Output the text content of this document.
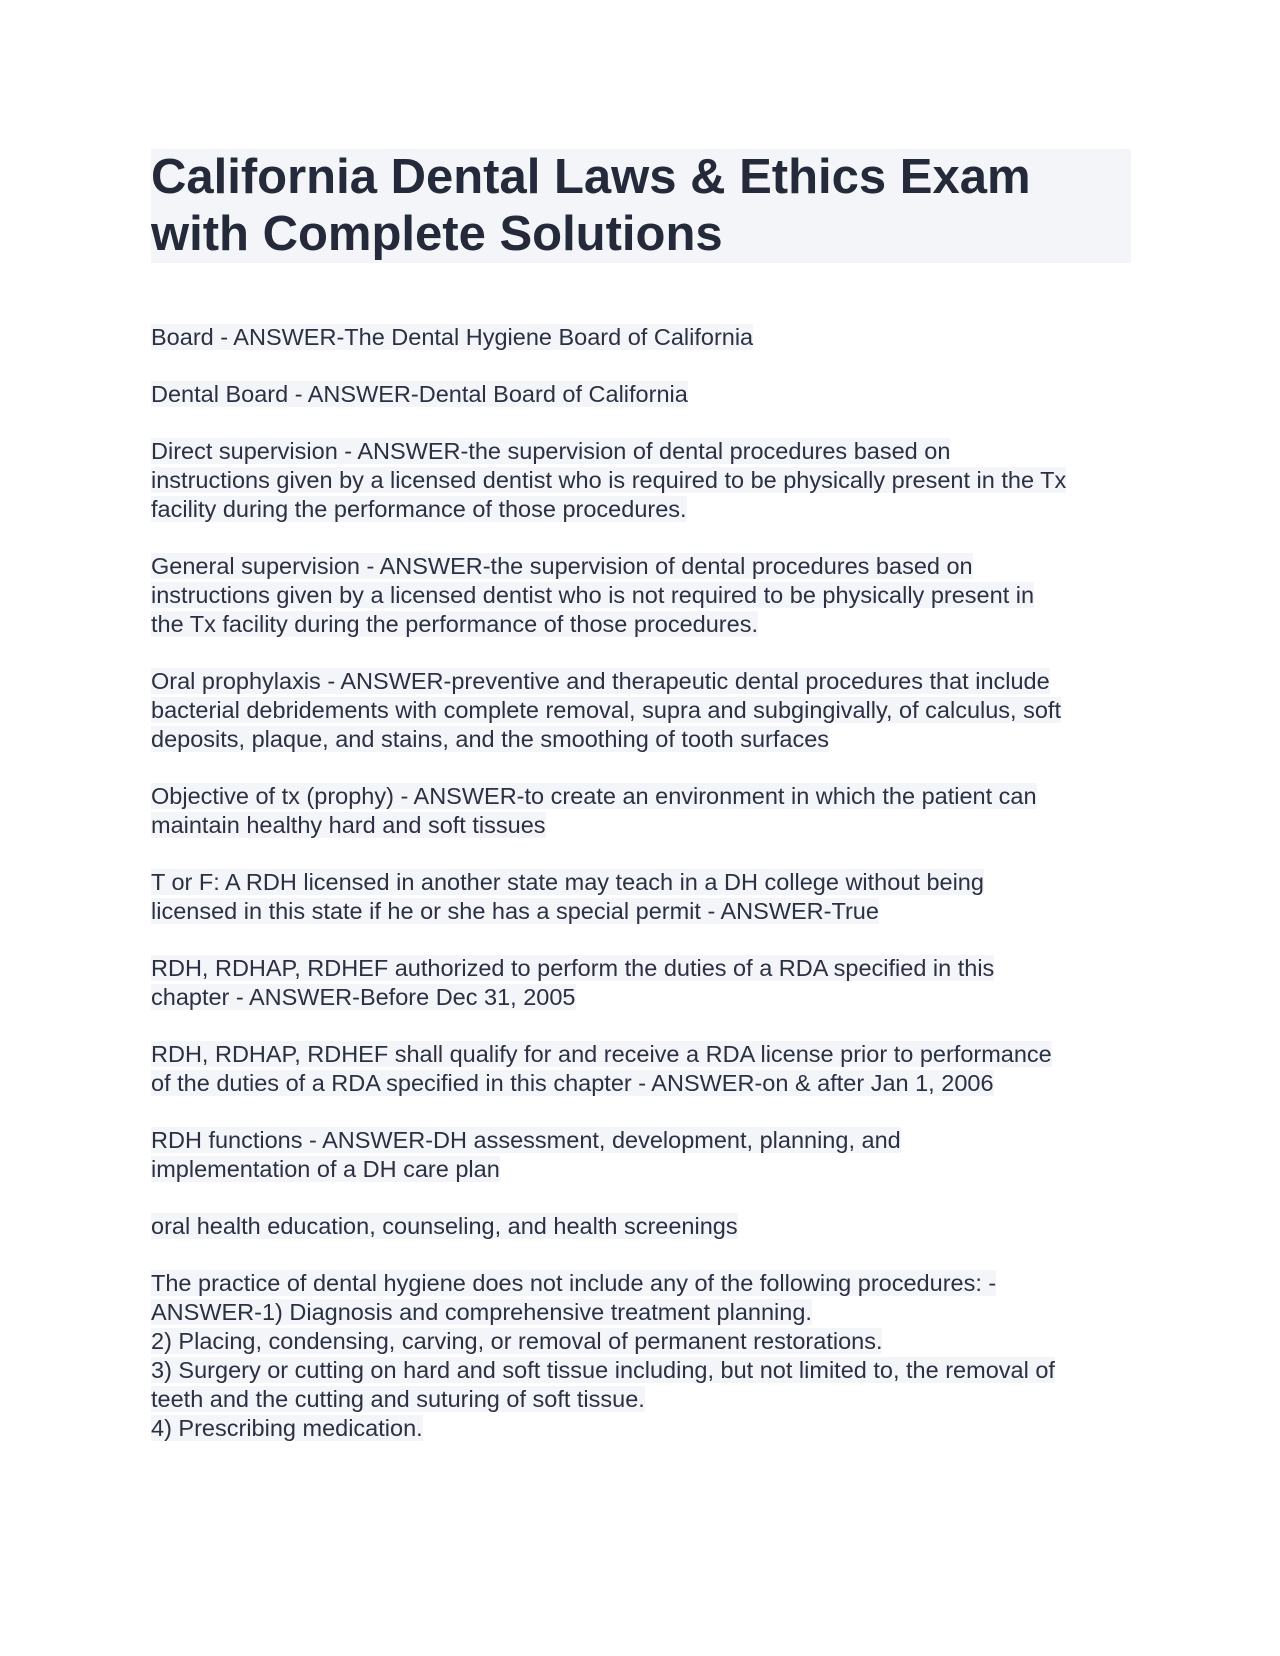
California Dental Laws & Ethics Exam with Complete Solutions
Board - ANSWER-The Dental Hygiene Board of California
Dental Board - ANSWER-Dental Board of California
Direct supervision - ANSWER-the supervision of dental procedures based on
instructions given by a licensed dentist who is required to be physically present in the Tx
facility during the performance of those procedures.
General supervision - ANSWER-the supervision of dental procedures based on
instructions given by a licensed dentist who is not required to be physically present in
the Tx facility during the performance of those procedures.
Oral prophylaxis - ANSWER-preventive and therapeutic dental procedures that include
bacterial debridements with complete removal, supra and subgingivally, of calculus, soft
deposits, plaque, and stains, and the smoothing of tooth surfaces
Objective of tx (prophy) - ANSWER-to create an environment in which the patient can
maintain healthy hard and soft tissues
T or F: A RDH licensed in another state may teach in a DH college without being
licensed in this state if he or she has a special permit - ANSWER-True
RDH, RDHAP, RDHEF authorized to perform the duties of a RDA specified in this
chapter - ANSWER-Before Dec 31, 2005
RDH, RDHAP, RDHEF shall qualify for and receive a RDA license prior to performance
of the duties of a RDA specified in this chapter - ANSWER-on & after Jan 1, 2006
RDH functions - ANSWER-DH assessment, development, planning, and
implementation of a DH care plan
oral health education, counseling, and health screenings
The practice of dental hygiene does not include any of the following procedures: -
ANSWER-1) Diagnosis and comprehensive treatment planning.
2) Placing, condensing, carving, or removal of permanent restorations.
3) Surgery or cutting on hard and soft tissue including, but not limited to, the removal of
teeth and the cutting and suturing of soft tissue.
4) Prescribing medication.
